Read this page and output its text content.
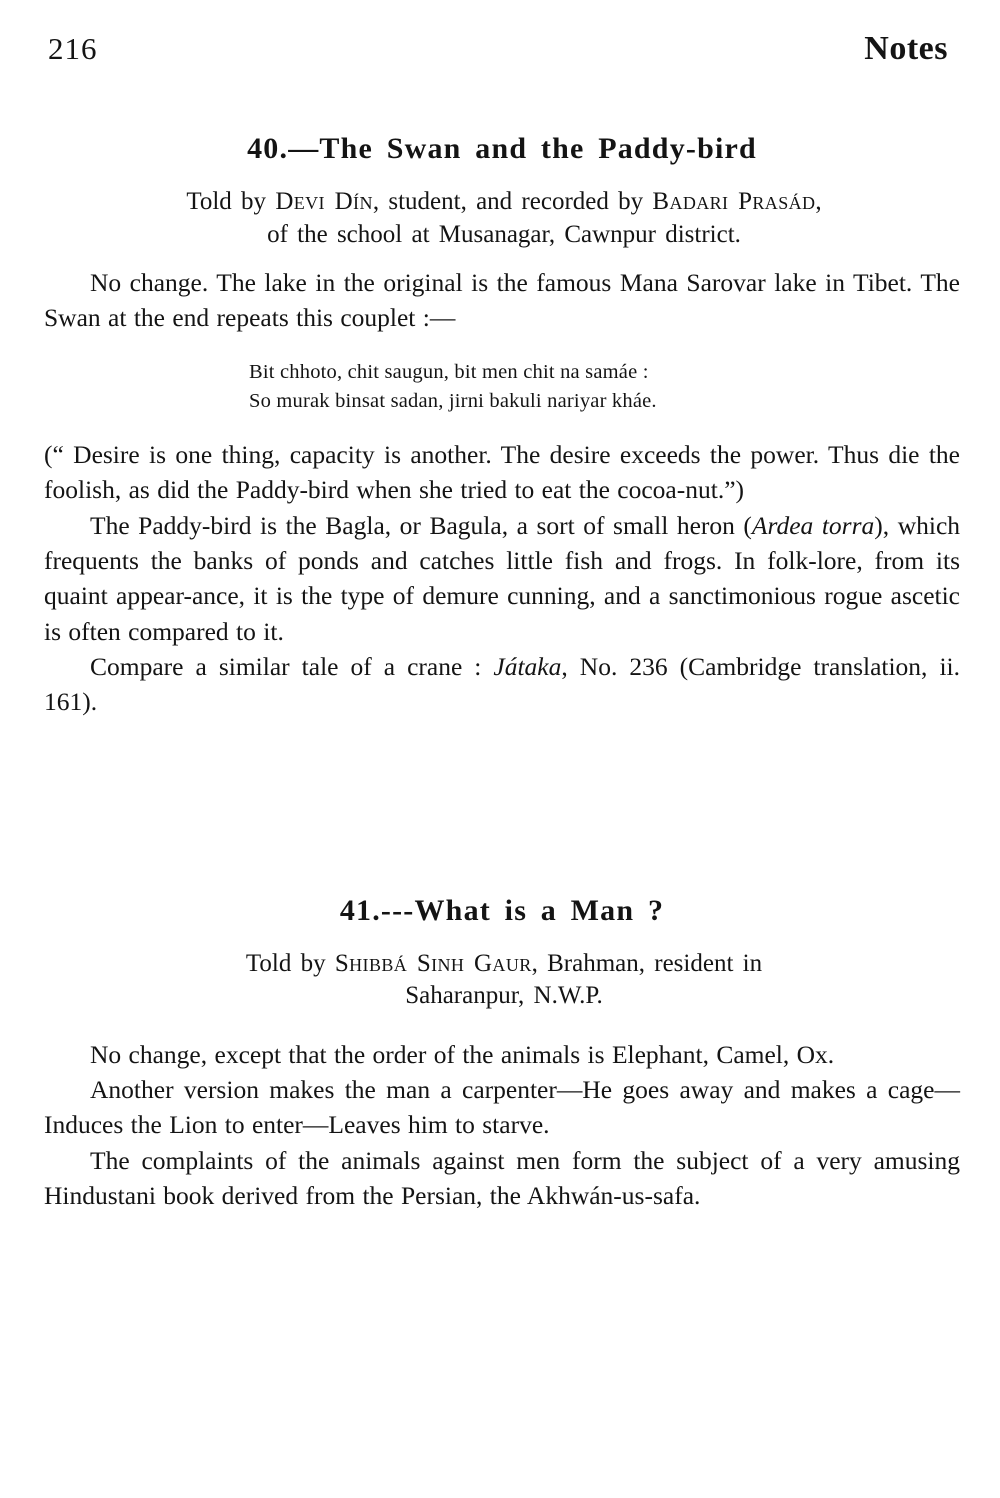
216	Notes
40.—The Swan and the Paddy-bird
Told by Devi Dín, student, and recorded by Badari Prasád,
of the school at Musanagar, Cawnpur district.

No change. The lake in the original is the famous Mana Sarovar lake in Tibet. The Swan at the end repeats this couplet :—

Bit chhoto, chit saugun, bit men chit na samáe :
So murak binsat sadan, jirni bakuli nariyar kháe.

(“ Desire is one thing, capacity is another. The desire exceeds the power. Thus die the foolish, as did the Paddy-bird when she tried to eat the cocoa-nut.”)

The Paddy-bird is the Bagla, or Bagula, a sort of small heron (Ardea torra), which frequents the banks of ponds and catches little fish and frogs. In folk-lore, from its quaint appear-ance, it is the type of demure cunning, and a sanctimonious rogue ascetic is often compared to it.

Compare a similar tale of a crane : Játaka, No. 236 (Cambridge translation, ii. 161).

41.---What is a Man ?
Told by Shibbá Sinh Gaur, Brahman, resident in
Saharanpur, N.W.P.

No change, except that the order of the animals is Elephant, Camel, Ox.

Another version makes the man a carpenter—He goes away and makes a cage—Induces the Lion to enter—Leaves him to starve.

The complaints of the animals against men form the subject of a very amusing Hindustani book derived from the Persian, the Akhwán-us-safa.
